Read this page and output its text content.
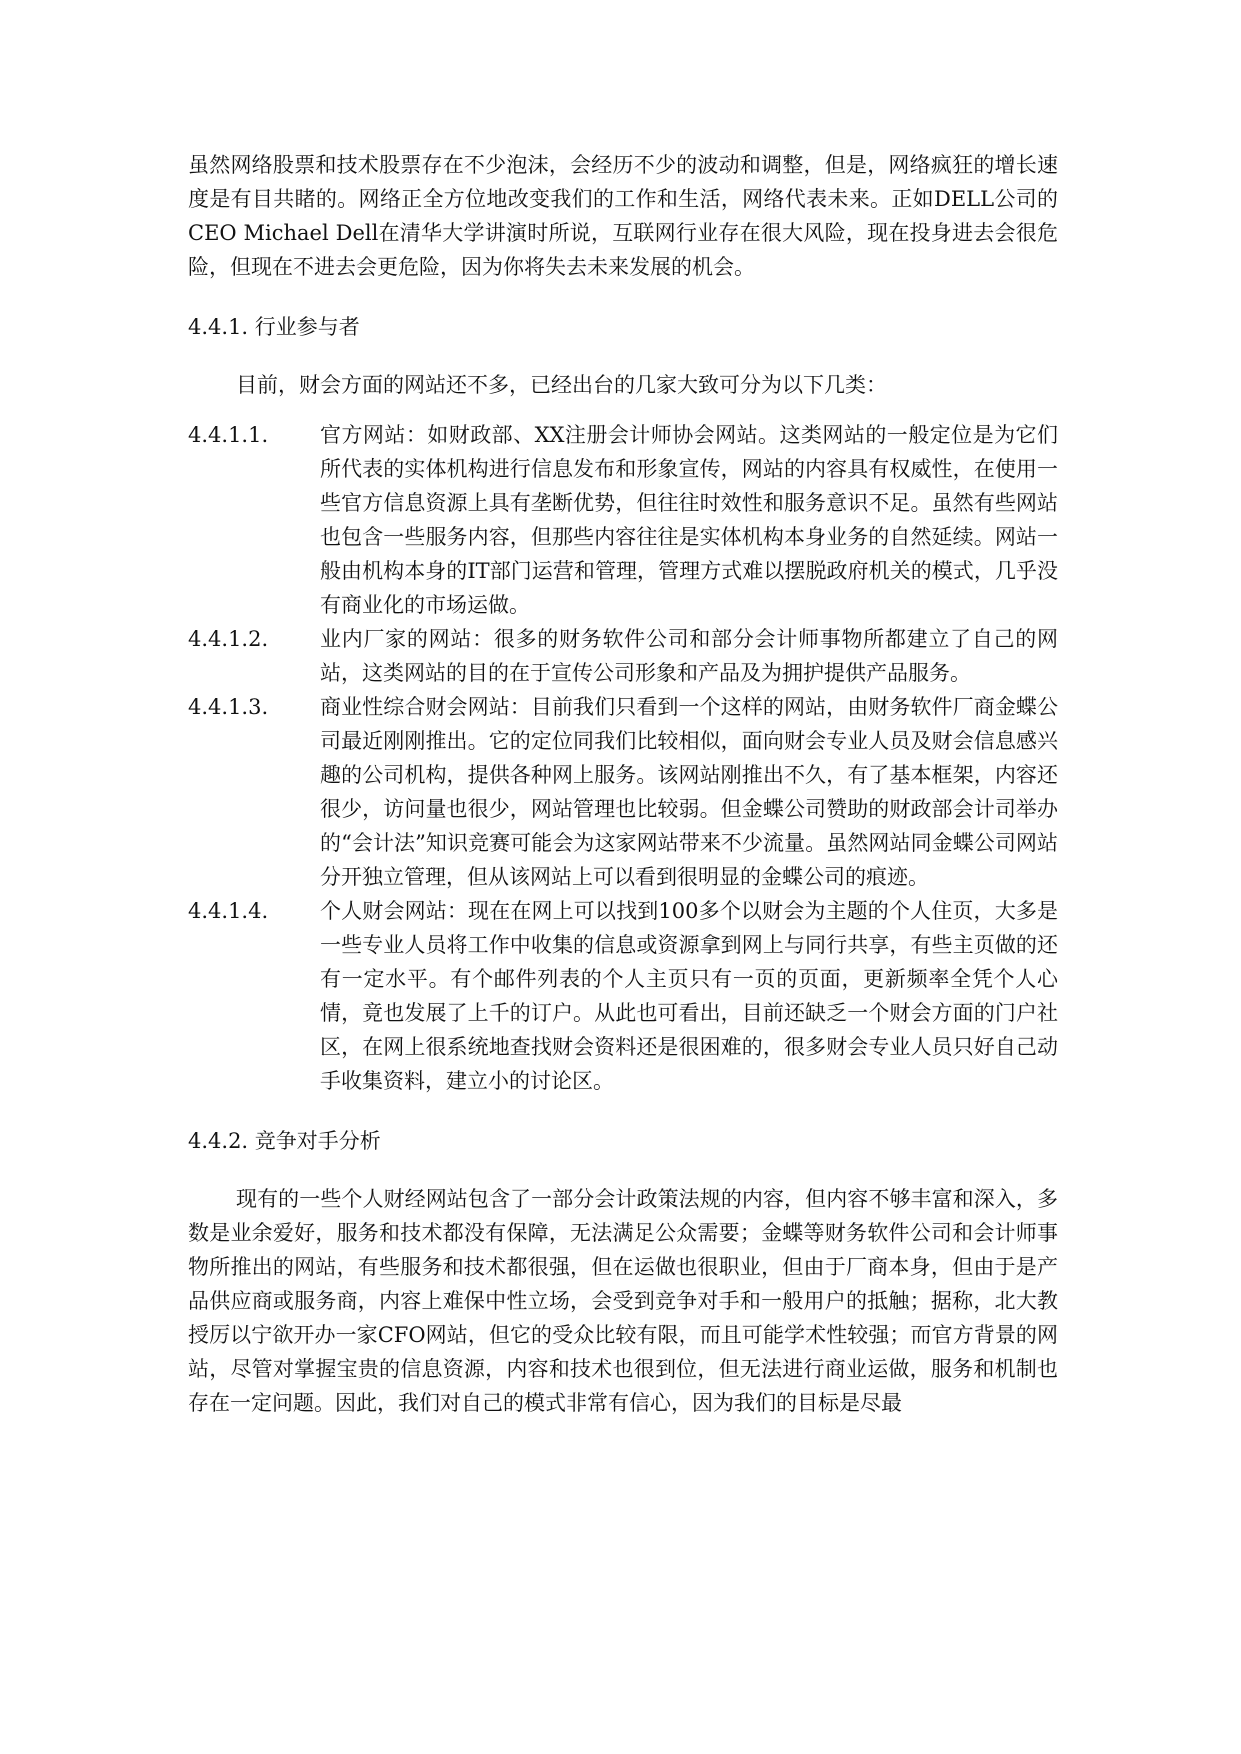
虽然网络股票和技术股票存在不少泡沫，会经历不少的波动和调整，但是，网络疯狂的增长速度是有目共睹的。网络正全方位地改变我们的工作和生活，网络代表未来。正如DELL公司的CEO Michael Dell在清华大学讲演时所说，互联网行业存在很大风险，现在投身进去会很危险，但现在不进去会更危险，因为你将失去未来发展的机会。

4.4.1. 行业参与者

目前，财会方面的网站还不多，已经出台的几家大致可分为以下几类：

4.4.1.1.	官方网站：如财政部、XX注册会计师协会网站。这类网站的一般定位是为它们所代表的实体机构进行信息发布和形象宣传，网站的内容具有权威性，在使用一些官方信息资源上具有垄断优势，但往往时效性和服务意识不足。虽然有些网站也包含一些服务内容，但那些内容往往是实体机构本身业务的自然延续。网站一般由机构本身的IT部门运营和管理，管理方式难以摆脱政府机关的模式，几乎没有商业化的市场运做。
4.4.1.2.	业内厂家的网站：很多的财务软件公司和部分会计师事物所都建立了自己的网站，这类网站的目的在于宣传公司形象和产品及为拥护提供产品服务。
4.4.1.3.	商业性综合财会网站：目前我们只看到一个这样的网站，由财务软件厂商金蝶公司最近刚刚推出。它的定位同我们比较相似，面向财会专业人员及财会信息感兴趣的公司机构，提供各种网上服务。该网站刚推出不久，有了基本框架，内容还很少，访问量也很少，网站管理也比较弱。但金蝶公司赞助的财政部会计司举办的“会计法”知识竞赛可能会为这家网站带来不少流量。虽然网站同金蝶公司网站分开独立管理，但从该网站上可以看到很明显的金蝶公司的痕迹。
4.4.1.4.	个人财会网站：现在在网上可以找到100多个以财会为主题的个人住页，大多是一些专业人员将工作中收集的信息或资源拿到网上与同行共享，有些主页做的还有一定水平。有个邮件列表的个人主页只有一页的页面，更新频率全凭个人心情，竟也发展了上千的订户。从此也可看出，目前还缺乏一个财会方面的门户社区，在网上很系统地查找财会资料还是很困难的，很多财会专业人员只好自己动手收集资料，建立小的讨论区。
4.4.2. 竞争对手分析

现有的一些个人财经网站包含了一部分会计政策法规的内容，但内容不够丰富和深入，多数是业余爱好，服务和技术都没有保障，无法满足公众需要；金蝶等财务软件公司和会计师事物所推出的网站，有些服务和技术都很强，但在运做也很职业，但由于厂商本身，但由于是产品供应商或服务商，内容上难保中性立场，会受到竞争对手和一般用户的抵触；据称，北大教授厉以宁欲开办一家CFO网站，但它的受众比较有限，而且可能学术性较强；而官方背景的网站，尽管对掌握宝贵的信息资源，内容和技术也很到位，但无法进行商业运做，服务和机制也存在一定问题。因此，我们对自己的模式非常有信心，因为我们的目标是尽最
